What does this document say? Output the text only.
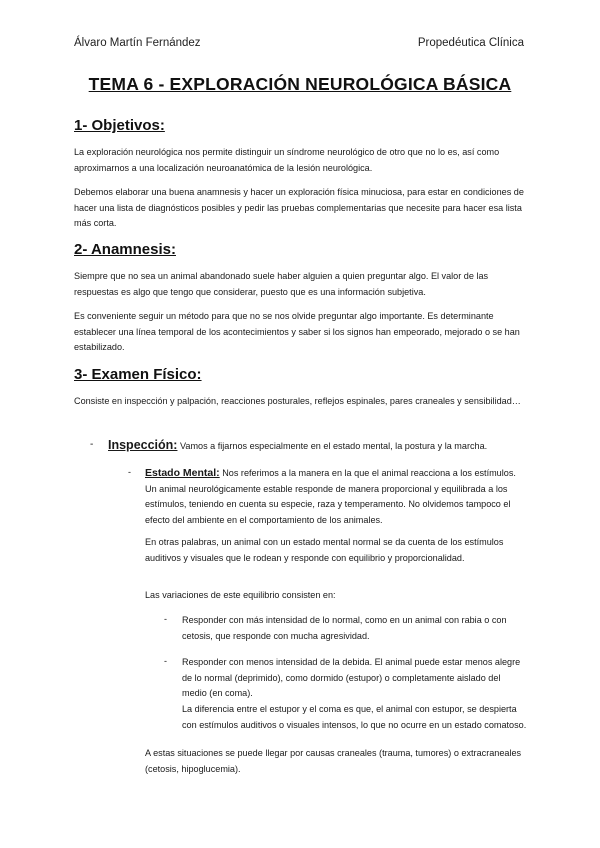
Álvaro Martín Fernández	Propedéutica Clínica
TEMA 6 - EXPLORACIÓN NEUROLÓGICA BÁSICA
1- Objetivos:
La exploración neurológica nos permite distinguir un síndrome neurológico de otro que no lo es, así como aproximarnos a una localización neuroanatómica de la lesión neurológica.
Debemos elaborar una buena anamnesis y hacer un exploración física minuciosa, para estar en condiciones de hacer una lista de diagnósticos posibles y pedir las pruebas complementarias que necesite para hacer esa lista más corta.
2- Anamnesis:
Siempre que no sea un animal abandonado suele haber alguien a quien preguntar algo. El valor de las respuestas es algo que tengo que considerar, puesto que es una información subjetiva.
Es conveniente seguir un método para que no se nos olvide preguntar algo importante. Es determinante establecer una línea temporal de los acontecimientos y saber si los signos han empeorado, mejorado o se han estabilizado.
3- Examen Físico:
Consiste en inspección y palpación, reacciones posturales, reflejos espinales, pares craneales y sensibilidad…
- Inspección: Vamos a fijarnos especialmente en el estado mental, la postura y la marcha.
- Estado Mental: Nos referimos a la manera en la que el animal reacciona a los estímulos. Un animal neurológicamente estable responde de manera proporcional y equilibrada a los estímulos, teniendo en cuenta su especie, raza y temperamento. No olvidemos tampoco el efecto del ambiente en el comportamiento de los animales.
En otras palabras, un animal con un estado mental normal se da cuenta de los estímulos auditivos y visuales que le rodean y responde con equilibrio y proporcionalidad.
Las variaciones de este equilibrio consisten en:
- Responder con más intensidad de lo normal, como en un animal con rabia o con cetosis, que responde con mucha agresividad.
- Responder con menos intensidad de la debida. El animal puede estar menos alegre de lo normal (deprimido), como dormido (estupor) o completamente aislado del medio (en coma).
La diferencia entre el estupor y el coma es que, el animal con estupor, se despierta con estímulos auditivos o visuales intensos, lo que no ocurre en un estado comatoso.
A estas situaciones se puede llegar por causas craneales (trauma, tumores) o extracraneales (cetosis, hipoglucemia).
